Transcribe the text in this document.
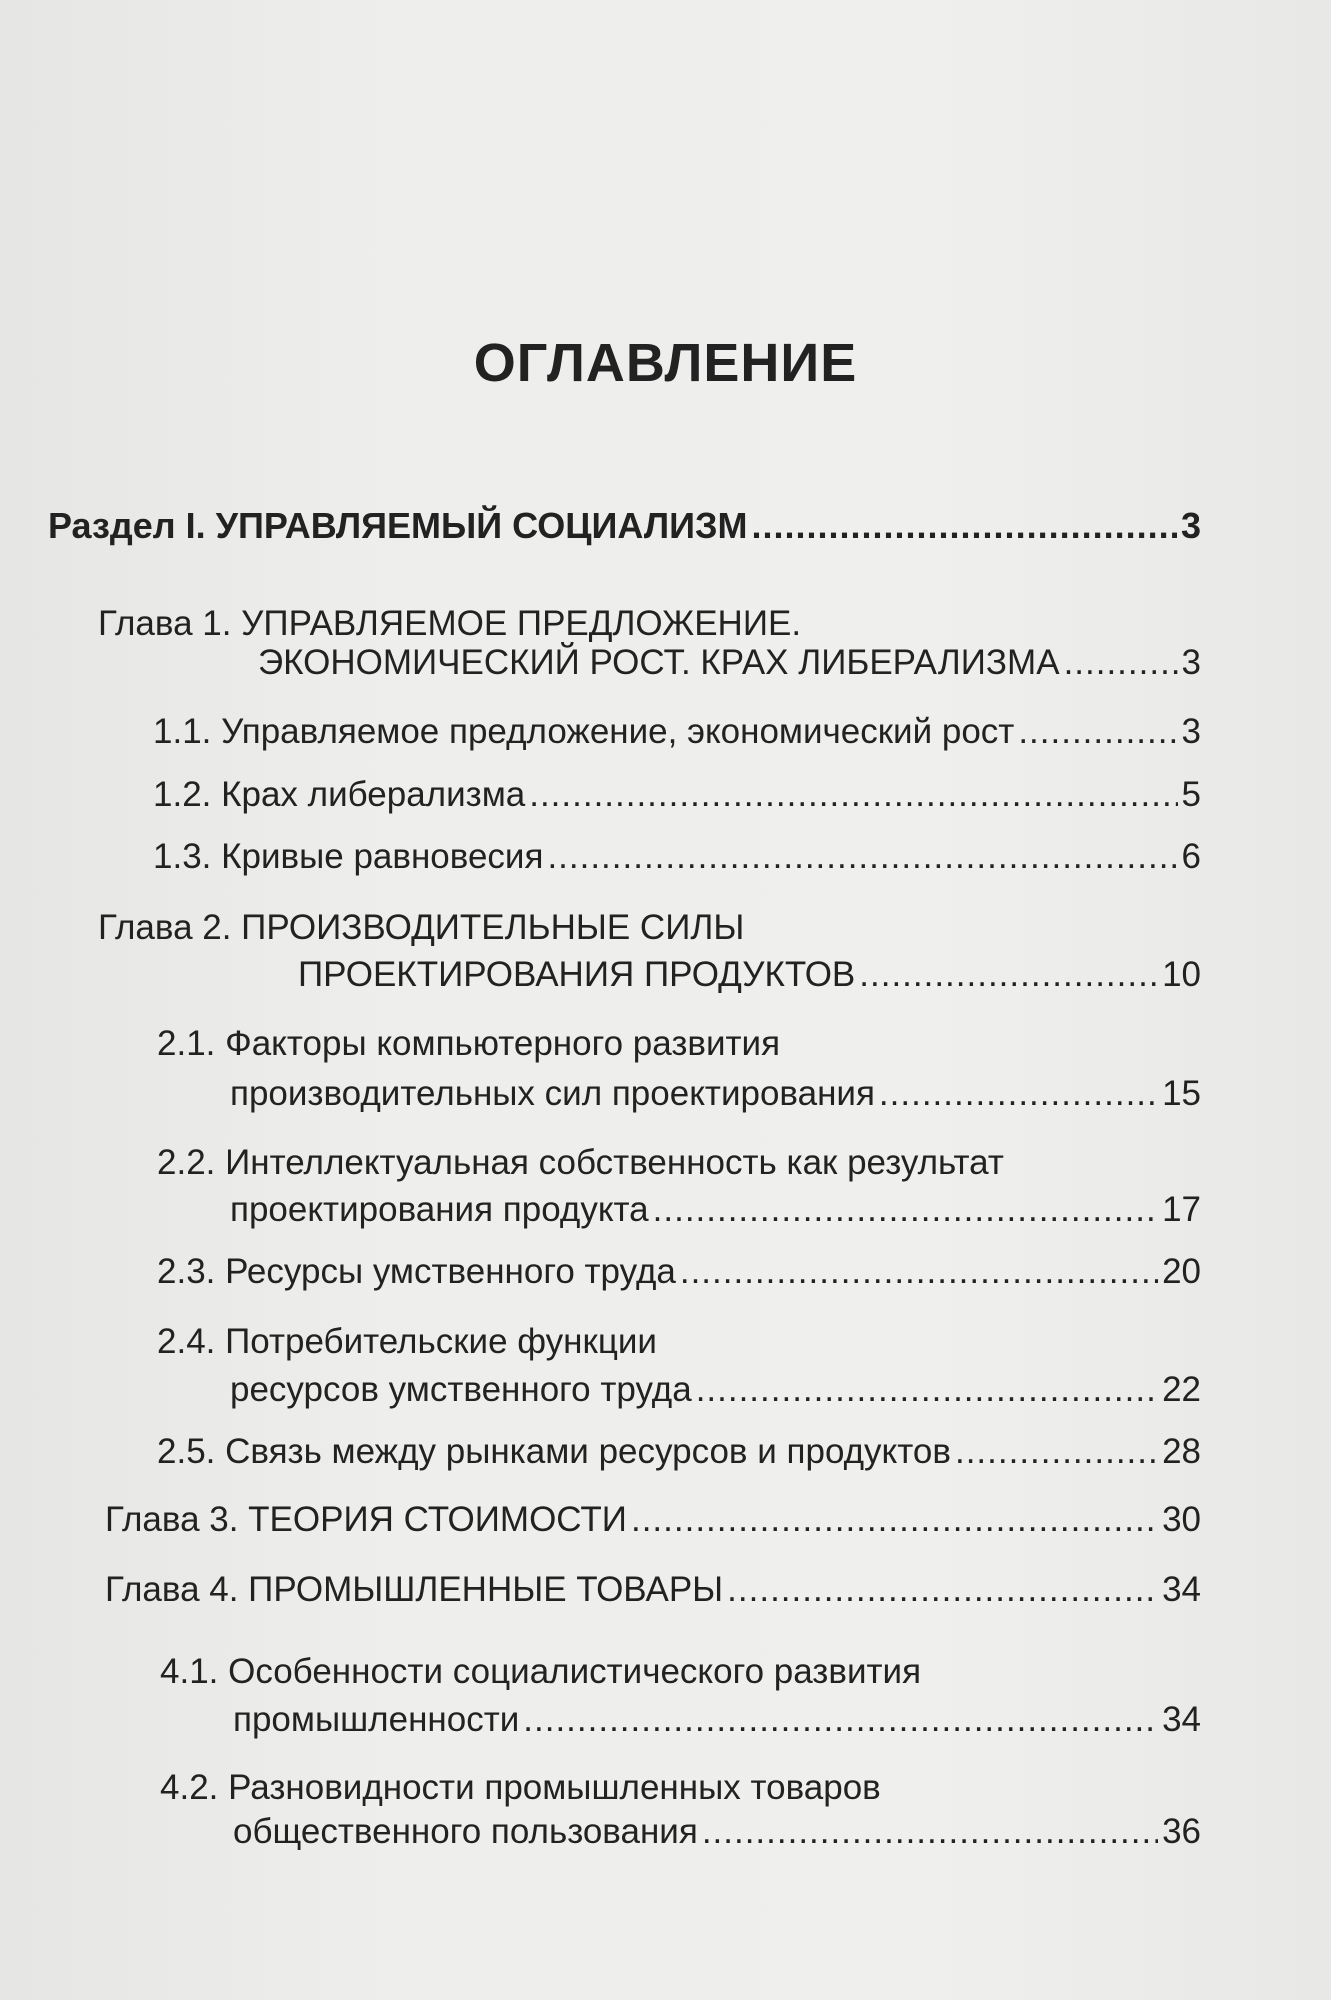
ОГЛАВЛЕНИЕ
Раздел I. УПРАВЛЯЕМЫЙ СОЦИАЛИЗМ .....	3
Глава 1. УПРАВЛЯЕМОЕ ПРЕДЛОЖЕНИЕ.
ЭКОНОМИЧЕСКИЙ РОСТ. КРАХ ЛИБЕРАЛИЗМА .....	3
1.1. Управляемое предложение, экономический рост .....	3
1.2. Крах либерализма .....	5
1.3. Кривые равновесия .....	6
Глава 2. ПРОИЗВОДИТЕЛЬНЫЕ СИЛЫ
ПРОЕКТИРОВАНИЯ ПРОДУКТОВ .....	10
2.1. Факторы компьютерного развития
производительных сил проектирования .....	15
2.2. Интеллектуальная собственность как результат
проектирования продукта .....	17
2.3. Ресурсы умственного труда .....	20
2.4. Потребительские функции
ресурсов умственного труда .....	22
2.5. Связь между рынками ресурсов и продуктов .....	28
Глава 3. ТЕОРИЯ СТОИМОСТИ .....	30
Глава 4. ПРОМЫШЛЕННЫЕ ТОВАРЫ .....	34
4.1. Особенности социалистического развития
промышленности .....	34
4.2. Разновидности промышленных товаров
общественного пользования .....	36
